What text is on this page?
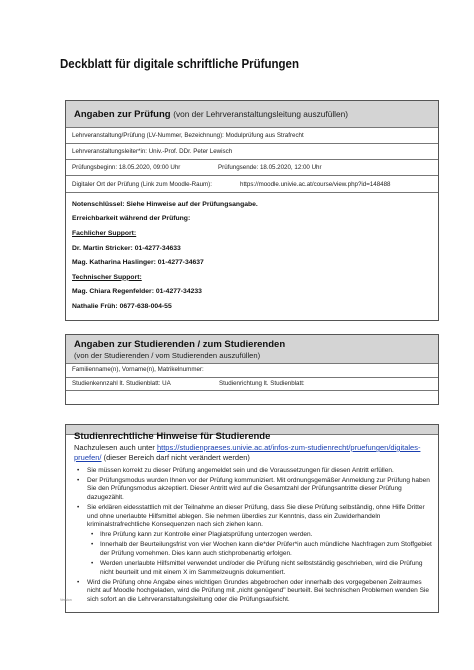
Deckblatt für digitale schriftliche Prüfungen
Angaben zur Prüfung (von der Lehrveranstaltungsleitung auszufüllen)
Lehrveranstaltung/Prüfung (LV-Nummer, Bezeichnung): Modulprüfung aus Strafrecht
Lehrveranstaltungsleiter*in: Univ.-Prof. DDr. Peter Lewisch
Prüfungsbeginn: 18.05.2020, 09:00 Uhr	Prüfungsende: 18.05.2020, 12:00 Uhr
Digitaler Ort der Prüfung (Link zum Moodle-Raum):	https://moodle.univie.ac.at/course/view.php?id=148488
Notenschlüssel: Siehe Hinweise auf der Prüfungsangabe.
Erreichbarkeit während der Prüfung:
Fachlicher Support:
Dr. Martin Stricker: 01-4277-34633
Mag. Katharina Haslinger: 01-4277-34637
Technischer Support:
Mag. Chiara Regenfelder: 01-4277-34233
Nathalie Früh: 0677-638-004-55
Angaben zur Studierenden / zum Studierenden
(von der Studierenden / vom Studierenden auszufüllen)
Familienname(n), Vorname(n), Matrikelnummer:
Studienkennzahl lt. Studienblatt: UA	Studienrichtung lt. Studienblatt:
Studienrechtliche Hinweise für Studierende
Nachzulesen auch unter https://studienpraeses.univie.ac.at/infos-zum-studienrecht/pruefungen/digitales-pruefen/ (dieser Bereich darf nicht verändert werden)
• Sie müssen korrekt zu dieser Prüfung angemeldet sein und die Voraussetzungen für diesen Antritt erfüllen.
• Der Prüfungsmodus wurden Ihnen vor der Prüfung kommuniziert. Mit ordnungsgemäßer Anmeldung zur Prüfung haben Sie den Prüfungsmodus akzeptiert. Dieser Antritt wird auf die Gesamtzahl der Prüfungsantritte dieser Prüfung dazugezählt.
• Sie erklären eidesstattlich mit der Teilnahme an dieser Prüfung, dass Sie diese Prüfung selbständig, ohne Hilfe Dritter und ohne unerlaubte Hilfsmittel ablegen. Sie nehmen überdies zur Kenntnis, dass ein Zuwiderhandeln kriminalstrafrechtliche Konsequenzen nach sich ziehen kann.
• Ihre Prüfung kann zur Kontrolle einer Plagiatsprüfung unterzogen werden.
• Innerhalb der Beurteilungsfrist von vier Wochen kann die*der Prüfer*in auch mündliche Nachfragen zum Stoffgebiet der Prüfung vornehmen. Dies kann auch stichprobenartig erfolgen.
• Werden unerlaubte Hilfsmittel verwendet und/oder die Prüfung nicht selbstständig geschrieben, wird die Prüfung nicht beurteilt und mit einem X im Sammelzeugnis dokumentiert.
• Wird die Prüfung ohne Angabe eines wichtigen Grundes abgebrochen oder innerhalb des vorgegebenen Zeitraumes nicht auf Moodle hochgeladen, wird die Prüfung mit „nicht genügend" beurteilt. Bei technischen Problemen wenden Sie sich sofort an die Lehrveranstaltungsleitung oder die Prüfungsaufsicht.
Version
